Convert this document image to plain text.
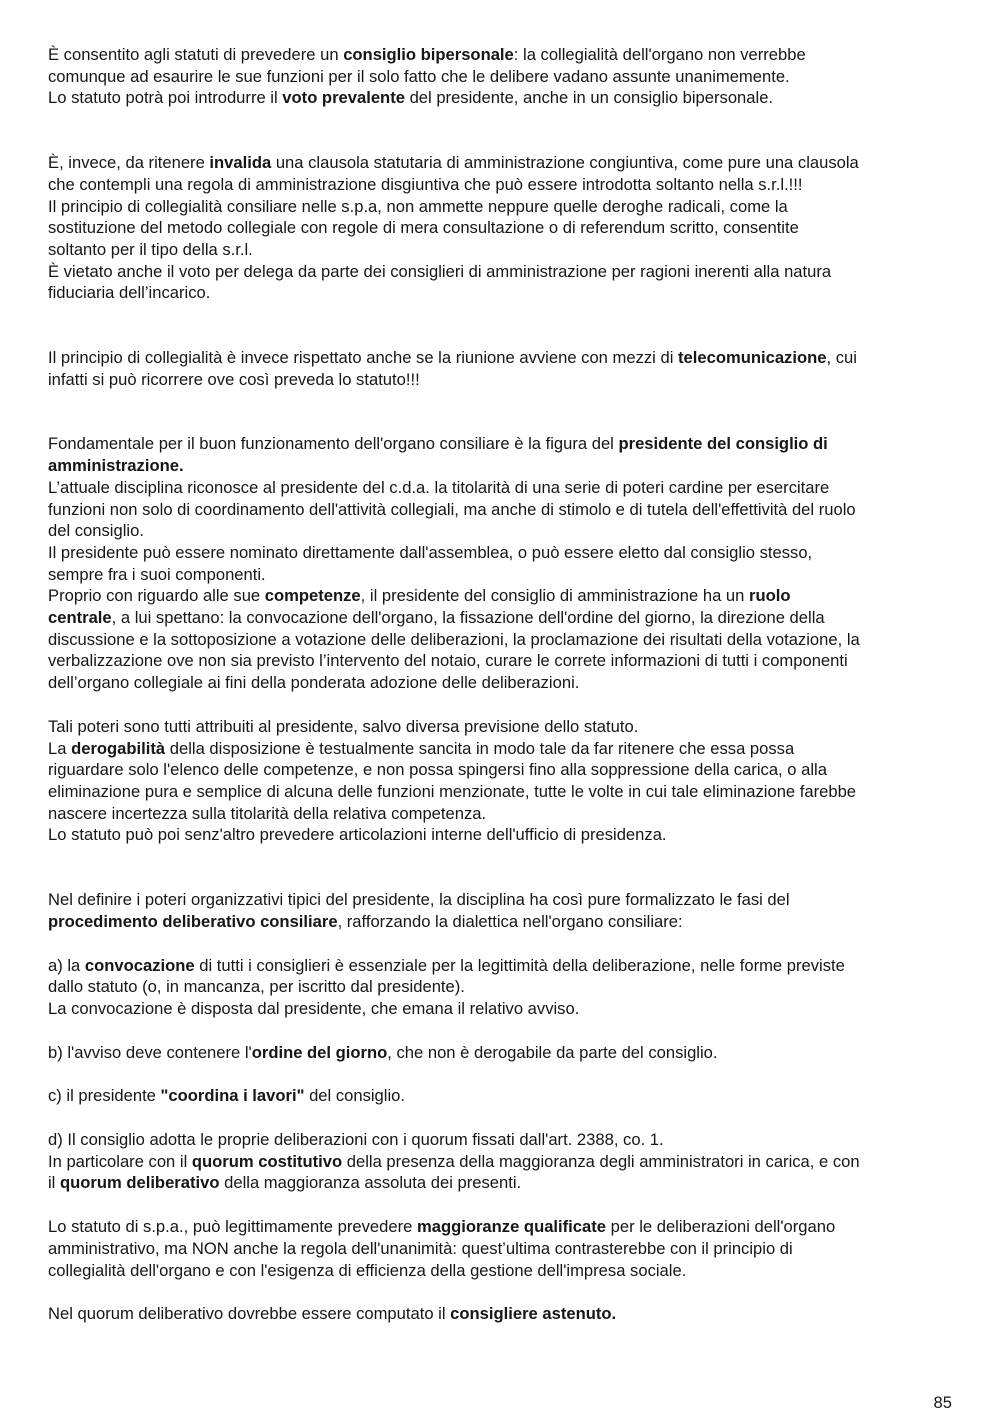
È consentito agli statuti di prevedere un consiglio bipersonale: la collegialità dell'organo non verrebbe
comunque ad esaurire le sue funzioni per il solo fatto che le delibere vadano assunte unanimemente.
Lo statuto potrà poi introdurre il voto prevalente del presidente, anche in un consiglio bipersonale.
È, invece, da ritenere invalida una clausola statutaria di amministrazione congiuntiva, come pure una clausola
che contempli una regola di amministrazione disgiuntiva che può essere introdotta soltanto nella s.r.l.!!!
Il principio di collegialità consiliare nelle s.p.a, non ammette neppure quelle deroghe radicali, come la
sostituzione del metodo collegiale con regole di mera consultazione o di referendum scritto, consentite
soltanto per il tipo della s.r.l.
È vietato anche il voto per delega da parte dei consiglieri di amministrazione per ragioni inerenti alla natura
fiduciaria dell’incarico.
Il principio di collegialità è invece rispettato anche se la riunione avviene con mezzi di telecomunicazione, cui
infatti si può ricorrere ove così preveda lo statuto!!!
Fondamentale per il buon funzionamento dell'organo consiliare è la figura del presidente del consiglio di
amministrazione.
L’attuale disciplina riconosce al presidente del c.d.a. la titolarità di una serie di poteri cardine per esercitare
funzioni non solo di coordinamento dell'attività collegiali, ma anche di stimolo e di tutela dell'effettività del ruolo
del consiglio.
Il presidente può essere nominato direttamente dall'assemblea, o può essere eletto dal consiglio stesso,
sempre fra i suoi componenti.
Proprio con riguardo alle sue competenze, il presidente del consiglio di amministrazione ha un ruolo
centrale, a lui spettano: la convocazione dell'organo, la fissazione dell'ordine del giorno, la direzione della
discussione e la sottoposizione a votazione delle deliberazioni, la proclamazione dei risultati della votazione, la
verbalizzazione ove non sia previsto l’intervento del notaio, curare le correte informazioni di tutti i componenti
dell’organo collegiale ai fini della ponderata adozione delle deliberazioni.
Tali poteri sono tutti attribuiti al presidente, salvo diversa previsione dello statuto.
La derogabilità della disposizione è testualmente sancita in modo tale da far ritenere che essa possa
riguardare solo l'elenco delle competenze, e non possa spingersi fino alla soppressione della carica, o alla
eliminazione pura e semplice di alcuna delle funzioni menzionate, tutte le volte in cui tale eliminazione farebbe
nascere incertezza sulla titolarità della relativa competenza.
Lo statuto può poi senz'altro prevedere articolazioni interne dell'ufficio di presidenza.
Nel definire i poteri organizzativi tipici del presidente, la disciplina ha così pure formalizzato le fasi del
procedimento deliberativo consiliare, rafforzando la dialettica nell'organo consiliare:
a) la convocazione di tutti i consiglieri è essenziale per la legittimità della deliberazione, nelle forme previste
dallo statuto (o, in mancanza, per iscritto dal presidente).
La convocazione è disposta dal presidente, che emana il relativo avviso.
b) l'avviso deve contenere l'ordine del giorno, che non è derogabile da parte del consiglio.
c) il presidente "coordina i lavori" del consiglio.
d) Il consiglio adotta le proprie deliberazioni con i quorum fissati dall'art. 2388, co. 1.
In particolare con il quorum costitutivo della presenza della maggioranza degli amministratori in carica, e con
il quorum deliberativo della maggioranza assoluta dei presenti.
Lo statuto di s.p.a., può legittimamente prevedere maggioranze qualificate per le deliberazioni dell'organo
amministrativo, ma NON anche la regola dell'unanimità: quest’ultima contrasterebbe con il principio di
collegialità dell'organo e con l'esigenza di efficienza della gestione dell'impresa sociale.
Nel quorum deliberativo dovrebbe essere computato il consigliere astenuto.
85
